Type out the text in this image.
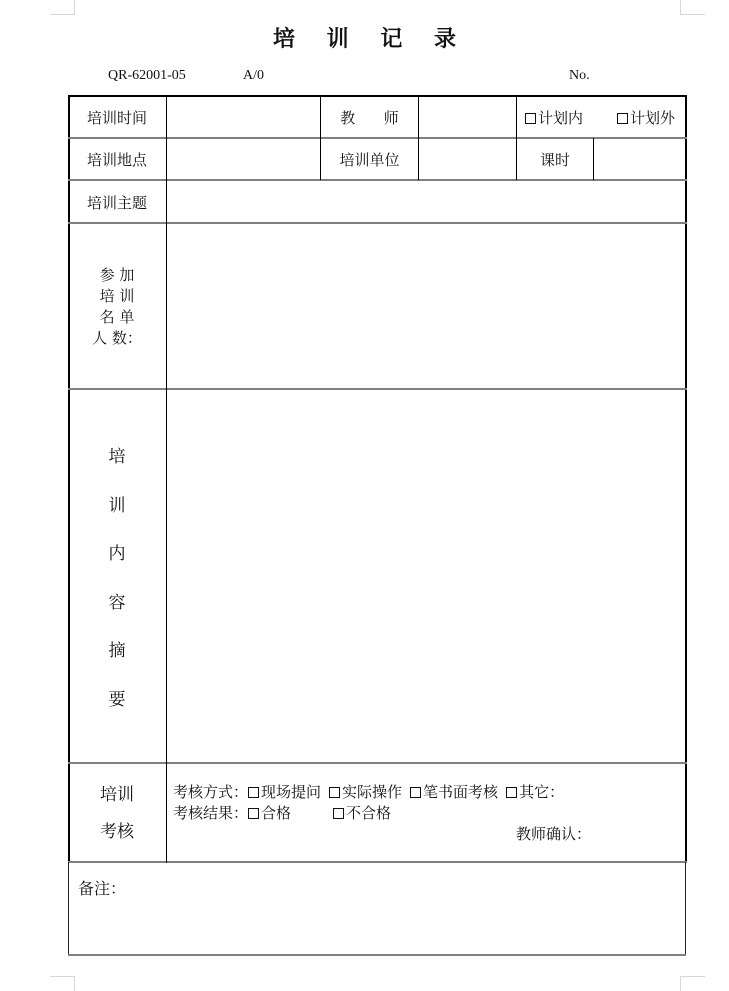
培 训 记 录
QR-62001-05	A/0	No.
培训时间	教      师	计划内	计划外
培训地点	培训单位	课时
培训主题
参 加
培 训
名 单
人 数：
培
训
内
容
摘
要
培训
考核
考核方式： 现场提问 实际操作 笔书面考核 其它：
考核结果： 合格	不合格
教师确认：
备注：
